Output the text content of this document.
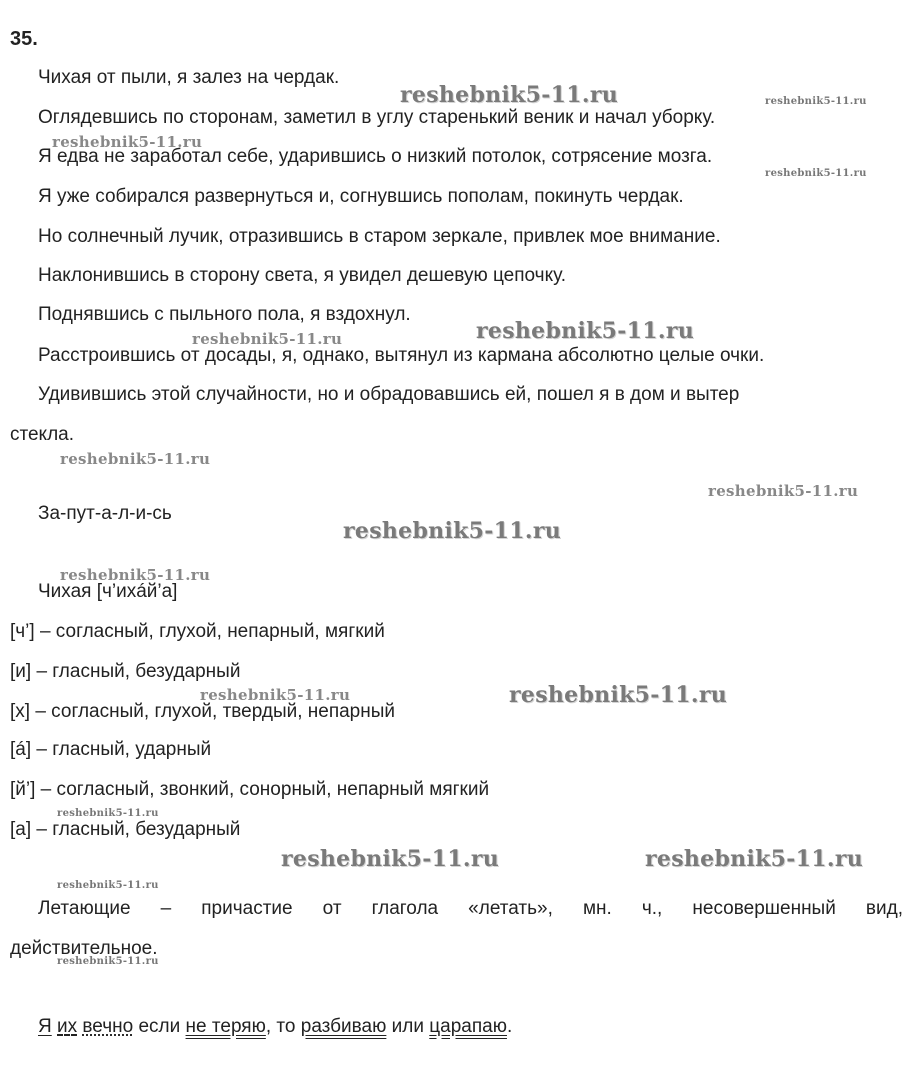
35.
Чихая от пыли, я залез на чердак.
Оглядевшись по сторонам, заметил в углу старенький веник и начал уборку.
Я едва не заработал себе, ударившись о низкий потолок, сотрясение мозга.
Я уже собирался развернуться и, согнувшись пополам, покинуть чердак.
Но солнечный лучик, отразившись в старом зеркале, привлек мое внимание.
Наклонившись в сторону света, я увидел дешевую цепочку.
Поднявшись с пыльного пола, я вздохнул.
Расстроившись от досады, я, однако, вытянул из кармана абсолютно целые очки.
Удивившись этой случайности, но и обрадовавшись ей, пошел я в дом и вытер
стекла.
За-пут-а-л-и-сь
Чихая [ч’ихáй’а]
[ч’] – согласный, глухой, непарный, мягкий
[и] – гласный, безударный
[х] – согласный, глухой, твердый, непарный
[á] – гласный, ударный
[й’] – согласный, звонкий, сонорный, непарный мягкий
[а] – гласный, безударный
Летающие – причастие от глагола «летать», мн. ч., несовершенный вид,
действительное.
Я их вечно если не теряю, то разбиваю или царапаю.
reshebnik5-11.ru	reshebnik5-11.ru
reshebnik5-11.ru
reshebnik5-11.ru
reshebnik5-11.ru
reshebnik5-11.ru
reshebnik5-11.ru
reshebnik5-11.ru
reshebnik5-11.ru
reshebnik5-11.ru
reshebnik5-11.ru	reshebnik5-11.ru
reshebnik5-11.ru
reshebnik5-11.ru	reshebnik5-11.ru
reshebnik5-11.ru
reshebnik5-11.ru
